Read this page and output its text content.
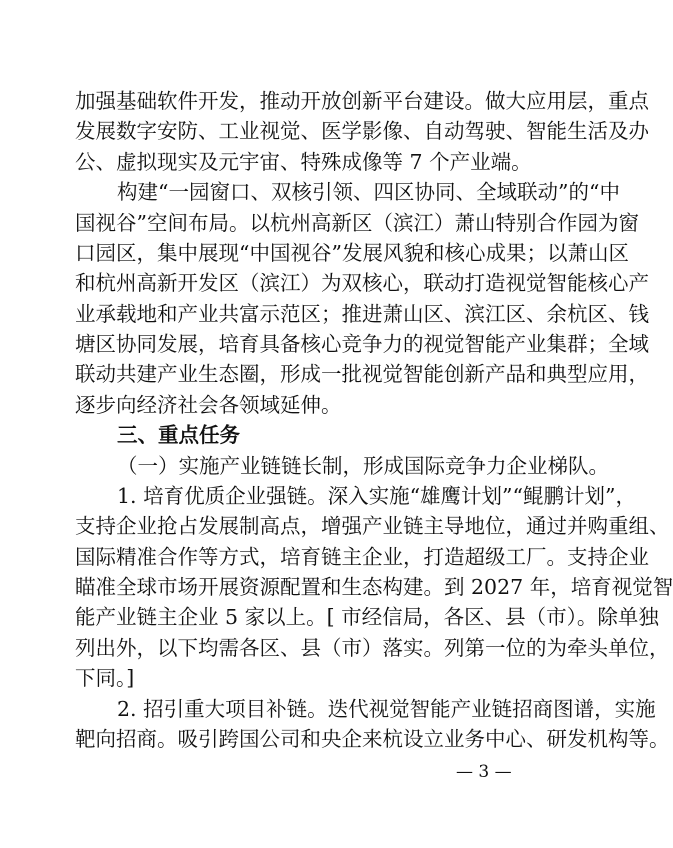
加强基础软件开发，推动开放创新平台建设。做大应用层，重点
发展数字安防、工业视觉、医学影像、自动驾驶、智能生活及办
公、虚拟现实及元宇宙、特殊成像等 7 个产业端。
构建“一园窗口、双核引领、四区协同、全域联动”的“中
国视谷”空间布局。以杭州高新区（滨江）萧山特别合作园为窗
口园区，集中展现“中国视谷”发展风貌和核心成果；以萧山区
和杭州高新开发区（滨江）为双核心，联动打造视觉智能核心产
业承载地和产业共富示范区；推进萧山区、滨江区、余杭区、钱
塘区协同发展，培育具备核心竞争力的视觉智能产业集群；全域
联动共建产业生态圈，形成一批视觉智能创新产品和典型应用，
逐步向经济社会各领域延伸。
三、重点任务
（一）实施产业链链长制，形成国际竞争力企业梯队。
1. 培育优质企业强链。深入实施“雄鹰计划”“鲲鹏计划”，
支持企业抢占发展制高点，增强产业链主导地位，通过并购重组、
国际精准合作等方式，培育链主企业，打造超级工厂。支持企业
瞄准全球市场开展资源配置和生态构建。到 2027 年，培育视觉智
能产业链主企业 5 家以上。[ 市经信局，各区、县（市）。除单独
列出外，以下均需各区、县（市）落实。列第一位的为牵头单位，
下同。]
2. 招引重大项目补链。迭代视觉智能产业链招商图谱，实施
靶向招商。吸引跨国公司和央企来杭设立业务中心、研发机构等。
— 3 —
